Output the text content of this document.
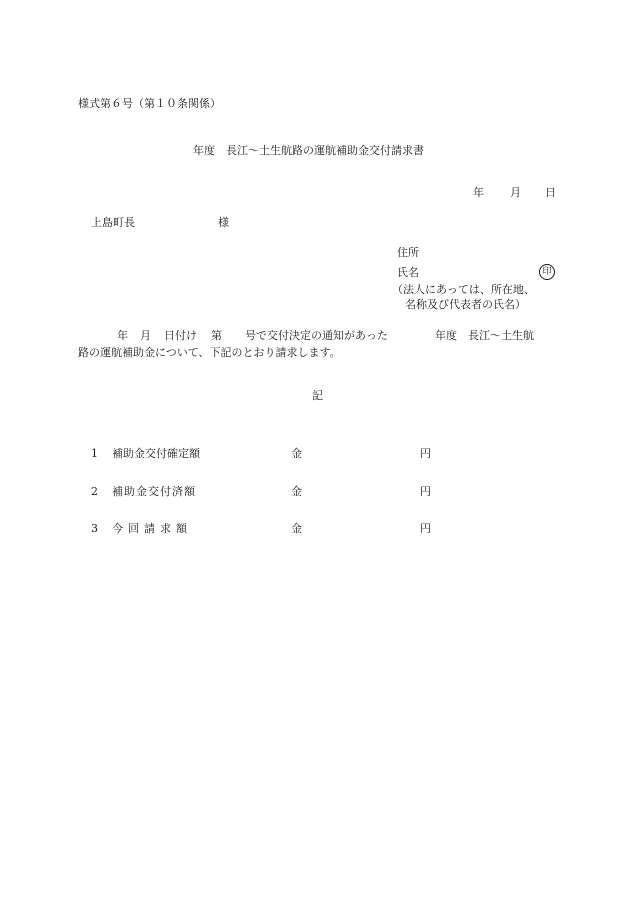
様式第６号（第１０条関係）
年度　長江～土生航路の運航補助金交付請求書
年 月 日
上島町長	様
住所
氏名	印
（法人にあっては、所在地、
名称及び代表者の氏名）
年 月 日付け 第 号で交付決定の通知があった	年度　長江～土生航
路の運航補助金について、下記のとおり請求します。
記
1 補助金交付確定額	金	円
2 補助金交付済額	金	円
3 今回請求額	金	円
